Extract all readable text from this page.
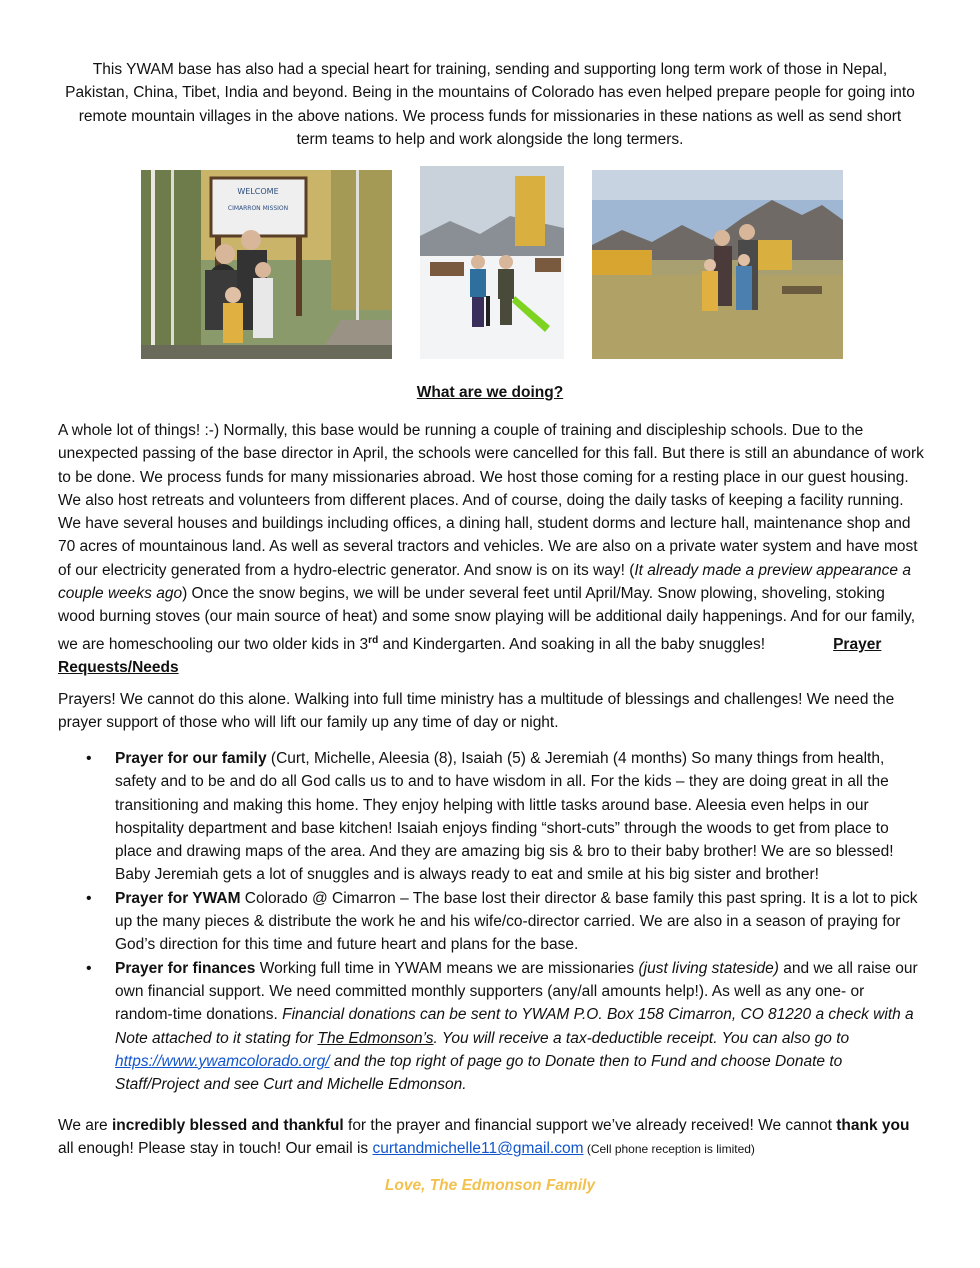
This YWAM base has also had a special heart for training, sending and supporting long term work of those in Nepal, Pakistan, China, Tibet, India and beyond. Being in the mountains of Colorado has even helped prepare people for going into remote mountain villages in the above nations. We process funds for missionaries in these nations as well as send short term teams to help and work alongside the long termers.

WELCOME
CIMARRON MISSION

What are we doing?

A whole lot of things! :-) Normally, this base would be running a couple of training and discipleship schools. Due to the unexpected passing of the base director in April, the schools were cancelled for this fall. But there is still an abundance of work to be done. We process funds for many missionaries abroad. We host those coming for a resting place in our guest housing. We also host retreats and volunteers from different places. And of course, doing the daily tasks of keeping a facility running. We have several houses and buildings including offices, a dining hall, student dorms and lecture hall, maintenance shop and 70 acres of mountainous land. As well as several tractors and vehicles. We are also on a private water system and have most of our electricity generated from a hydro-electric generator. And snow is on its way! (It already made a preview appearance a couple weeks ago) Once the snow begins, we will be under several feet until April/May. Snow plowing, shoveling, stoking wood burning stoves (our main source of heat) and some snow playing will be additional daily happenings. And for our family, we are homeschooling our two older kids in 3rd and Kindergarten. And soaking in all the baby snuggles!	Prayer Requests/Needs

Prayers! We cannot do this alone. Walking into full time ministry has a multitude of blessings and challenges! We need the prayer support of those who will lift our family up any time of day or night.

• Prayer for our family (Curt, Michelle, Aleesia (8), Isaiah (5) & Jeremiah (4 months) So many things from health, safety and to be and do all God calls us to and to have wisdom in all. For the kids – they are doing great in all the transitioning and making this home. They enjoy helping with little tasks around base. Aleesia even helps in our hospitality department and base kitchen! Isaiah enjoys finding “short-cuts” through the woods to get from place to place and drawing maps of the area. And they are amazing big sis & bro to their baby brother! We are so blessed! Baby Jeremiah gets a lot of snuggles and is always ready to eat and smile at his big sister and brother!
• Prayer for YWAM Colorado @ Cimarron – The base lost their director & base family this past spring. It is a lot to pick up the many pieces & distribute the work he and his wife/co-director carried. We are also in a season of praying for God’s direction for this time and future heart and plans for the base.
• Prayer for finances Working full time in YWAM means we are missionaries (just living stateside) and we all raise our own financial support. We need committed monthly supporters (any/all amounts help!). As well as any one- or random-time donations. Financial donations can be sent to YWAM P.O. Box 158 Cimarron, CO 81220 a check with a Note attached to it stating for The Edmonson’s. You will receive a tax-deductible receipt. You can also go to https://www.ywamcolorado.org/ and the top right of page go to Donate then to Fund and choose Donate to Staff/Project and see Curt and Michelle Edmonson.

We are incredibly blessed and thankful for the prayer and financial support we’ve already received! We cannot thank you all enough! Please stay in touch! Our email is curtandmichelle11@gmail.com (Cell phone reception is limited)

Love, The Edmonson Family
